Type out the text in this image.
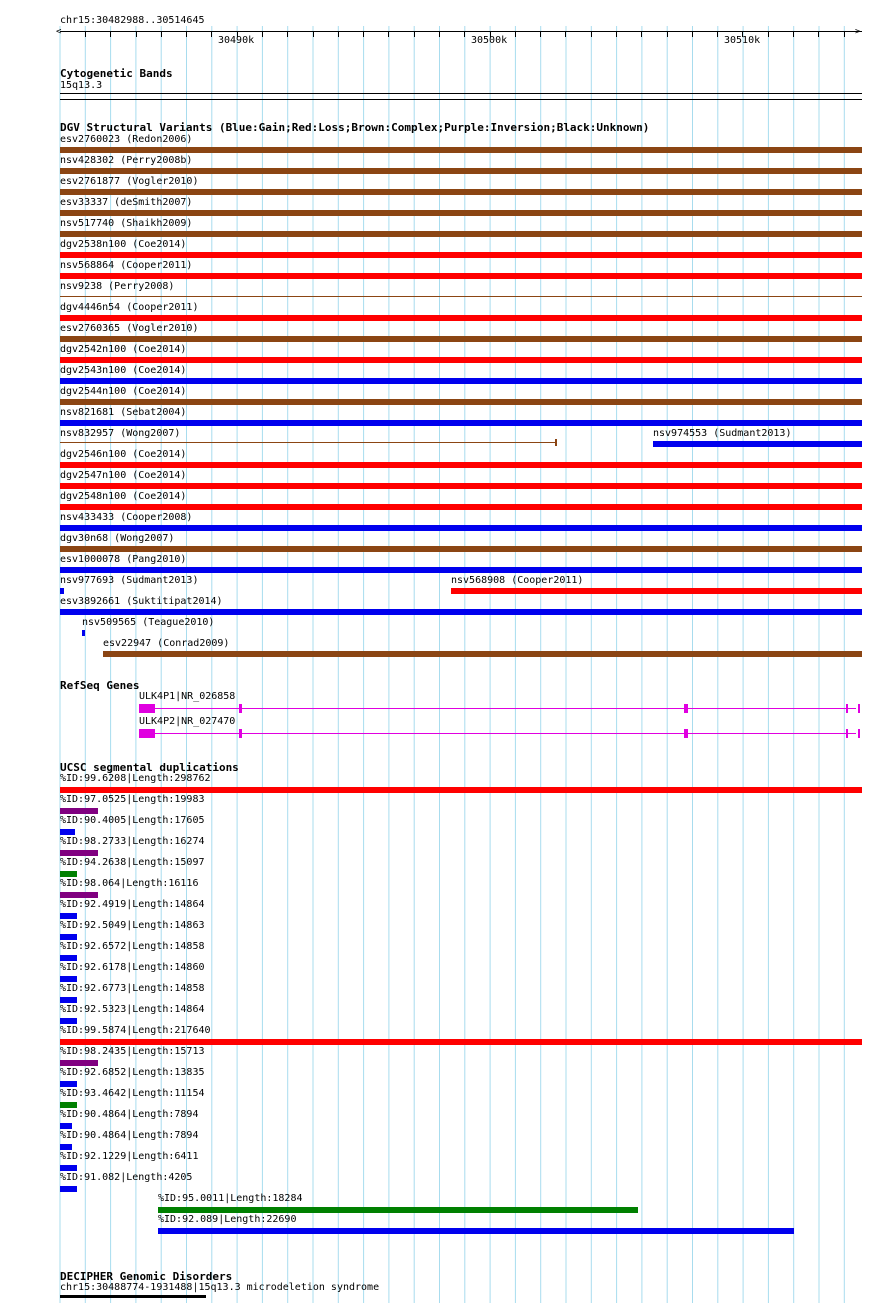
chr15:30482988..30514645
<	>
30490k	30500k	30510k
Cytogenetic Bands
15q13.3
DGV Structural Variants (Blue:Gain;Red:Loss;Brown:Complex;Purple:Inversion;Black:Unknown)
esv2760023 (Redon2006)
nsv428302 (Perry2008b)
esv2761877 (Vogler2010)
esv33337 (deSmith2007)
nsv517740 (Shaikh2009)
dgv2538n100 (Coe2014)
nsv568864 (Cooper2011)
nsv9238 (Perry2008)
dgv4446n54 (Cooper2011)
esv2760365 (Vogler2010)
dgv2542n100 (Coe2014)
dgv2543n100 (Coe2014)
dgv2544n100 (Coe2014)
nsv821681 (Sebat2004)
nsv832957 (Wong2007)	nsv974553 (Sudmant2013)
dgv2546n100 (Coe2014)
dgv2547n100 (Coe2014)
dgv2548n100 (Coe2014)
nsv433433 (Cooper2008)
dgv30n68 (Wong2007)
esv1000078 (Pang2010)
nsv977693 (Sudmant2013)	nsv568908 (Cooper2011)
esv3892661 (Suktitipat2014)
nsv509565 (Teague2010)
esv22947 (Conrad2009)
RefSeq Genes
ULK4P1|NR_026858
ULK4P2|NR_027470
UCSC segmental duplications
%ID:99.6208|Length:298762
%ID:97.0525|Length:19983
%ID:90.4005|Length:17605
%ID:98.2733|Length:16274
%ID:94.2638|Length:15097
%ID:98.064|Length:16116
%ID:92.4919|Length:14864
%ID:92.5049|Length:14863
%ID:92.6572|Length:14858
%ID:92.6178|Length:14860
%ID:92.6773|Length:14858
%ID:92.5323|Length:14864
%ID:99.5874|Length:217640
%ID:98.2435|Length:15713
%ID:92.6852|Length:13835
%ID:93.4642|Length:11154
%ID:90.4864|Length:7894
%ID:90.4864|Length:7894
%ID:92.1229|Length:6411
%ID:91.082|Length:4205
%ID:95.0011|Length:18284
%ID:92.089|Length:22690
DECIPHER Genomic Disorders
chr15:30488774-1931488|15q13.3 microdeletion syndrome
